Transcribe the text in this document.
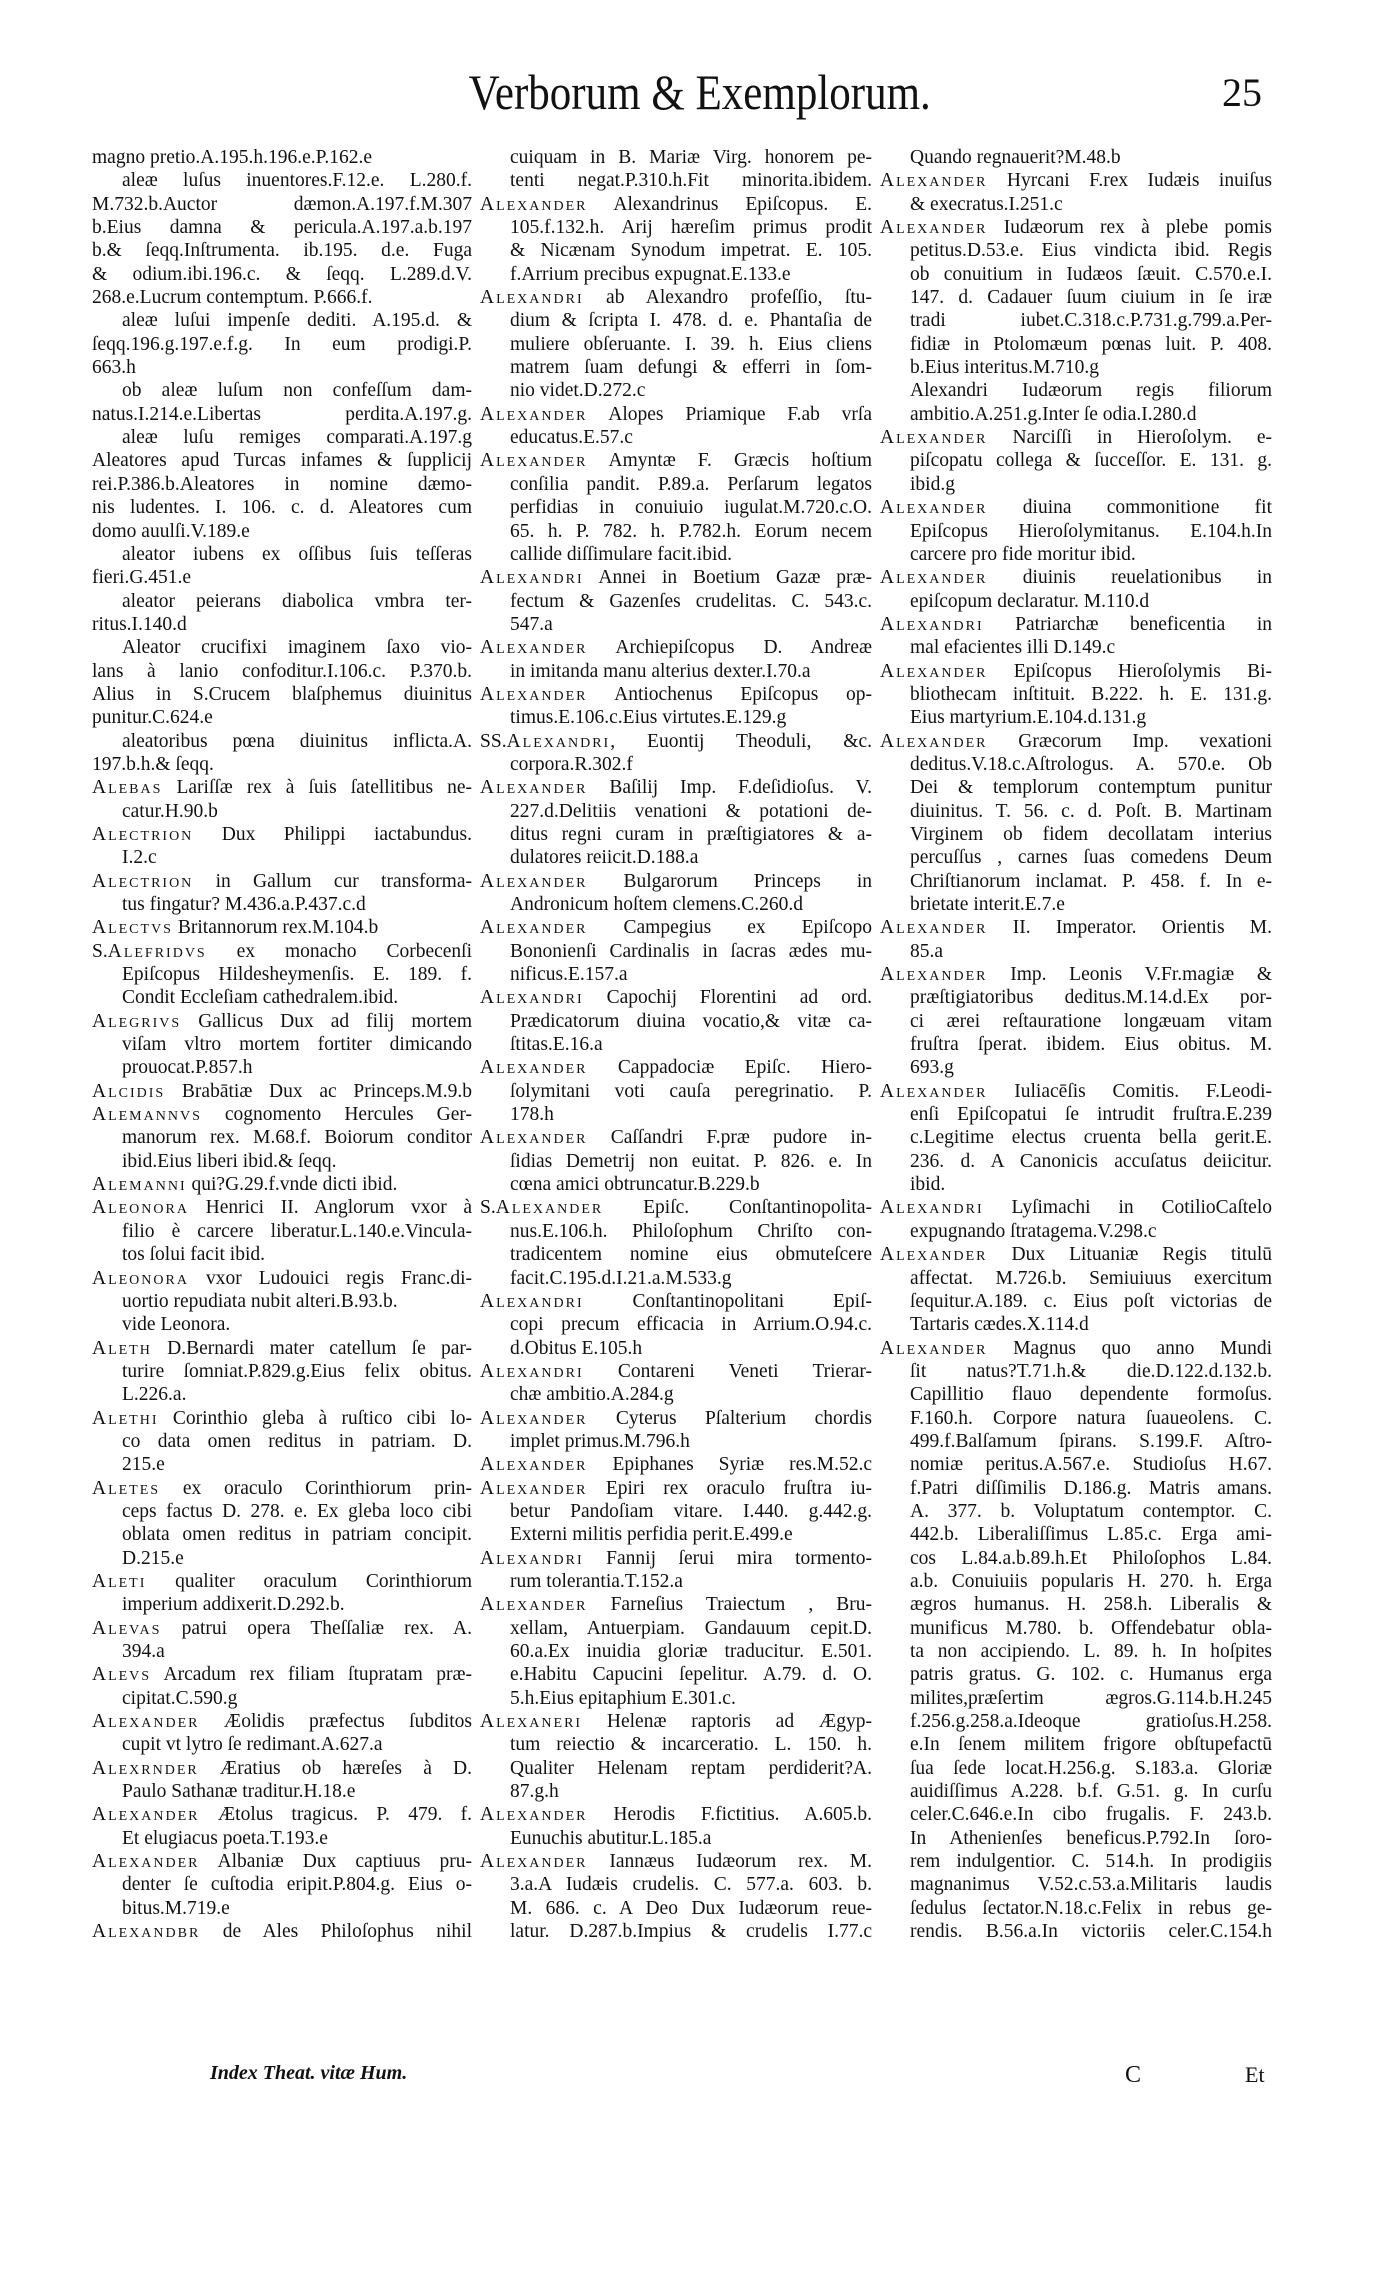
Verborum & Exemplorum.	25
magno pretio.A.195.h.196.e.P.162.e
aleæ luſus inuentores.F.12.e. L.280.f.
M.732.b.Auctor dæmon.A.197.f.M.307
b.Eius damna & pericula.A.197.a.b.197
b.& ſeqq.Inſtrumenta. ib.195. d.e. Fuga
& odium.ibi.196.c. & ſeqq. L.289.d.V.
268.e.Lucrum contemptum. P.666.f.
aleæ luſui impenſe dediti. A.195.d. &
ſeqq.196.g.197.e.f.g. In eum prodigi.P.
663.h
ob aleæ luſum non confeſſum dam-
natus.I.214.e.Libertas perdita.A.197.g.
aleæ luſu remiges comparati.A.197.g
Aleatores apud Turcas infames & ſupplicij
rei.P.386.b.Aleatores in nomine dæmo-
nis ludentes. I. 106. c. d. Aleatores cum
domo auulſi.V.189.e
aleator iubens ex oſſibus ſuis teſſeras
fieri.G.451.e
aleator peierans diabolica vmbra ter-
ritus.I.140.d
Aleator crucifixi imaginem ſaxo vio-
lans à lanio confoditur.I.106.c. P.370.b.
Alius in S.Crucem blaſphemus diuinitus
punitur.C.624.e
aleatoribus pœna diuinitus inflicta.A.
197.b.h.& ſeqq.
Alebas Lariſſæ rex à ſuis ſatellitibus ne-
catur.H.90.b
Alectrion Dux Philippi iactabundus.
I.2.c
Alectrion in Gallum cur transforma-
tus fingatur? M.436.a.P.437.c.d
Alectvs Britannorum rex.M.104.b
S.Alefridvs ex monacho Corbecenſi
Epiſcopus Hildesheymenſis. E. 189. f.
Condit Eccleſiam cathedralem.ibid.
Alegrivs Gallicus Dux ad filij mortem
viſam vltro mortem fortiter dimicando
prouocat.P.857.h
Alcidis Brabātiæ Dux ac Princeps.M.9.b
Alemannvs cognomento Hercules Ger-
manorum rex. M.68.f. Boiorum conditor
ibid.Eius liberi ibid.& ſeqq.
Alemanni qui?G.29.f.vnde dicti ibid.
Aleonora Henrici II. Anglorum vxor à
filio è carcere liberatur.L.140.e.Vincula-
tos ſolui facit ibid.
Aleonora vxor Ludouici regis Franc.di-
uortio repudiata nubit alteri.B.93.b.
vide Leonora.
Aleth D.Bernardi mater catellum ſe par-
turire ſomniat.P.829.g.Eius felix obitus.
L.226.a.
Alethi Corinthio gleba à ruſtico cibi lo-
co data omen reditus in patriam. D.
215.e
Aletes ex oraculo Corinthiorum prin-
ceps factus D. 278. e. Ex gleba loco cibi
oblata omen reditus in patriam concipit.
D.215.e
Aleti qualiter oraculum Corinthiorum
imperium addixerit.D.292.b.
Alevas patrui opera Theſſaliæ rex. A.
394.a
Alevs Arcadum rex filiam ſtupratam præ-
cipitat.C.590.g
Alexander Æolidis præfectus ſubditos
cupit vt lytro ſe redimant.A.627.a
Alexrnder Æratius ob hæreſes à D.
Paulo Sathanæ traditur.H.18.e
Alexander Ætolus tragicus. P. 479. f.
Et elugiacus poeta.T.193.e
Alexander Albaniæ Dux captiuus pru-
denter ſe cuſtodia eripit.P.804.g. Eius o-
bitus.M.719.e
Alexandbr de Ales Philoſophus nihil
cuiquam in B. Mariæ Virg. honorem pe-
tenti negat.P.310.h.Fit minorita.ibidem.
Alexander Alexandrinus Epiſcopus. E.
105.f.132.h. Arij hæreſim primus prodit
& Nicænam Synodum impetrat. E. 105.
f.Arrium precibus expugnat.E.133.e
Alexandri ab Alexandro profeſſio, ſtu-
dium & ſcripta I. 478. d. e. Phantaſia de
muliere obſeruante. I. 39. h. Eius cliens
matrem ſuam defungi & efferri in ſom-
nio videt.D.272.c
Alexander Alopes Priamique F.ab vrſa
educatus.E.57.c
Alexander Amyntæ F. Græcis hoſtium
conſilia pandit. P.89.a. Perſarum legatos
perfidias in conuiuio iugulat.M.720.c.O.
65. h. P. 782. h. P.782.h. Eorum necem
callide diſſimulare facit.ibid.
Alexandri Annei in Boetium Gazæ præ-
fectum & Gazenſes crudelitas. C. 543.c.
547.a
Alexander Archiepiſcopus D. Andreæ
in imitanda manu alterius dexter.I.70.a
Alexander Antiochenus Epiſcopus op-
timus.E.106.c.Eius virtutes.E.129.g
SS.Alexandri, Euontij Theoduli, &c.
corpora.R.302.f
Alexander Baſilij Imp. F.deſidioſus. V.
227.d.Delitiis venationi & potationi de-
ditus regni curam in præſtigiatores & a-
dulatores reiicit.D.188.a
Alexander Bulgarorum Princeps in
Andronicum hoſtem clemens.C.260.d
Alexander Campegius ex Epiſcopo
Bononienſi Cardinalis in ſacras ædes mu-
nificus.E.157.a
Alexandri Capochij Florentini ad ord.
Prædicatorum diuina vocatio,& vitæ ca-
ſtitas.E.16.a
Alexander Cappadociæ Epiſc. Hiero-
ſolymitani voti cauſa peregrinatio. P.
178.h
Alexander Caſſandri F.præ pudore in-
ſidias Demetrij non euitat. P. 826. e. In
cœna amici obtruncatur.B.229.b
S.Alexander Epiſc. Conſtantinopolita-
nus.E.106.h. Philoſophum Chriſto con-
tradicentem nomine eius obmuteſcere
facit.C.195.d.I.21.a.M.533.g
Alexandri Conſtantinopolitani Epiſ-
copi precum efficacia in Arrium.O.94.c.
d.Obitus E.105.h
Alexandri Contareni Veneti Trierar-
chæ ambitio.A.284.g
Alexander Cyterus Pſalterium chordis
implet primus.M.796.h
Alexander Epiphanes Syriæ res.M.52.c
Alexander Epiri rex oraculo fruſtra iu-
betur Pandoſiam vitare. I.440. g.442.g.
Externi militis perfidia perit.E.499.e
Alexandri Fannij ſerui mira tormento-
rum tolerantia.T.152.a
Alexander Farneſius Traiectum , Bru-
xellam, Antuerpiam. Gandauum cepit.D.
60.a.Ex inuidia gloriæ traducitur. E.501.
e.Habitu Capucini ſepelitur. A.79. d. O.
5.h.Eius epitaphium E.301.c.
Alexaneri Helenæ raptoris ad Ægyp-
tum reiectio & incarceratio. L. 150. h.
Qualiter Helenam reptam perdiderit?A.
87.g.h
Alexander Herodis F.fictitius. A.605.b.
Eunuchis abutitur.L.185.a
Alexander Iannæus Iudæorum rex. M.
3.a.A Iudæis crudelis. C. 577.a. 603. b.
M. 686. c. A Deo Dux Iudæorum reue-
latur. D.287.b.Impius & crudelis I.77.c
Quando regnauerit?M.48.b
Alexander Hyrcani F.rex Iudæis inuiſus
& execratus.I.251.c
Alexander Iudæorum rex à plebe pomis
petitus.D.53.e. Eius vindicta ibid. Regis
ob conuitium in Iudæos ſæuit. C.570.e.I.
147. d. Cadauer ſuum ciuium in ſe iræ
tradi iubet.C.318.c.P.731.g.799.a.Per-
fidiæ in Ptolomæum pœnas luit. P. 408.
b.Eius interitus.M.710.g
Alexandri Iudæorum regis filiorum
ambitio.A.251.g.Inter ſe odia.I.280.d
Alexander Narciſſi in Hieroſolym. e-
piſcopatu collega & ſucceſſor. E. 131. g.
ibid.g
Alexander diuina commonitione fit
Epiſcopus Hieroſolymitanus. E.104.h.In
carcere pro fide moritur ibid.
Alexander diuinis reuelationibus in
epiſcopum declaratur. M.110.d
Alexandri Patriarchæ beneficentia in
mal efacientes illi D.149.c
Alexander Epiſcopus Hieroſolymis Bi-
bliothecam inſtituit. B.222. h. E. 131.g.
Eius martyrium.E.104.d.131.g
Alexander Græcorum Imp. vexationi
deditus.V.18.c.Aſtrologus. A. 570.e. Ob
Dei & templorum contemptum punitur
diuinitus. T. 56. c. d. Poſt. B. Martinam
Virginem ob fidem decollatam interius
percuſſus , carnes ſuas comedens Deum
Chriſtianorum inclamat. P. 458. f. In e-
brietate interit.E.7.e
Alexander II. Imperator. Orientis M.
85.a
Alexander Imp. Leonis V.Fr.magiæ &
præſtigiatoribus deditus.M.14.d.Ex por-
ci ærei reſtauratione longæuam vitam
fruſtra ſperat. ibidem. Eius obitus. M.
693.g
Alexander Iuliacēſis Comitis. F.Leodi-
enſi Epiſcopatui ſe intrudit fruſtra.E.239
c.Legitime electus cruenta bella gerit.E.
236. d. A Canonicis accuſatus deiicitur.
ibid.
Alexandri Lyſimachi in CotilioCaſtelo
expugnando ſtratagema.V.298.c
Alexander Dux Lituaniæ Regis titulū
affectat. M.726.b. Semiuiuus exercitum
ſequitur.A.189. c. Eius poſt victorias de
Tartaris cædes.X.114.d
Alexander Magnus quo anno Mundi
ſit natus?T.71.h.& die.D.122.d.132.b.
Capillitio flauo dependente formoſus.
F.160.h. Corpore natura ſuaueolens. C.
499.f.Balſamum ſpirans. S.199.F. Aſtro-
nomiæ peritus.A.567.e. Studioſus H.67.
f.Patri diſſimilis D.186.g. Matris amans.
A. 377. b. Voluptatum contemptor. C.
442.b. Liberaliſſimus L.85.c. Erga ami-
cos L.84.a.b.89.h.Et Philoſophos L.84.
a.b. Conuiuiis popularis H. 270. h. Erga
ægros humanus. H. 258.h. Liberalis &
munificus M.780. b. Offendebatur obla-
ta non accipiendo. L. 89. h. In hoſpites
patris gratus. G. 102. c. Humanus erga
milites,præſertim ægros.G.114.b.H.245
f.256.g.258.a.Ideoque gratioſus.H.258.
e.In ſenem militem frigore obſtupefactū
ſua ſede locat.H.256.g. S.183.a. Gloriæ
auidiſſimus A.228. b.f. G.51. g. In curſu
celer.C.646.e.In cibo frugalis. F. 243.b.
In Athenienſes beneficus.P.792.In ſoro-
rem indulgentior. C. 514.h. In prodigiis
magnanimus V.52.c.53.a.Militaris laudis
ſedulus ſectator.N.18.c.Felix in rebus ge-
rendis. B.56.a.In victoriis celer.C.154.h
Index Theat. vitæ Hum.	C	Et
